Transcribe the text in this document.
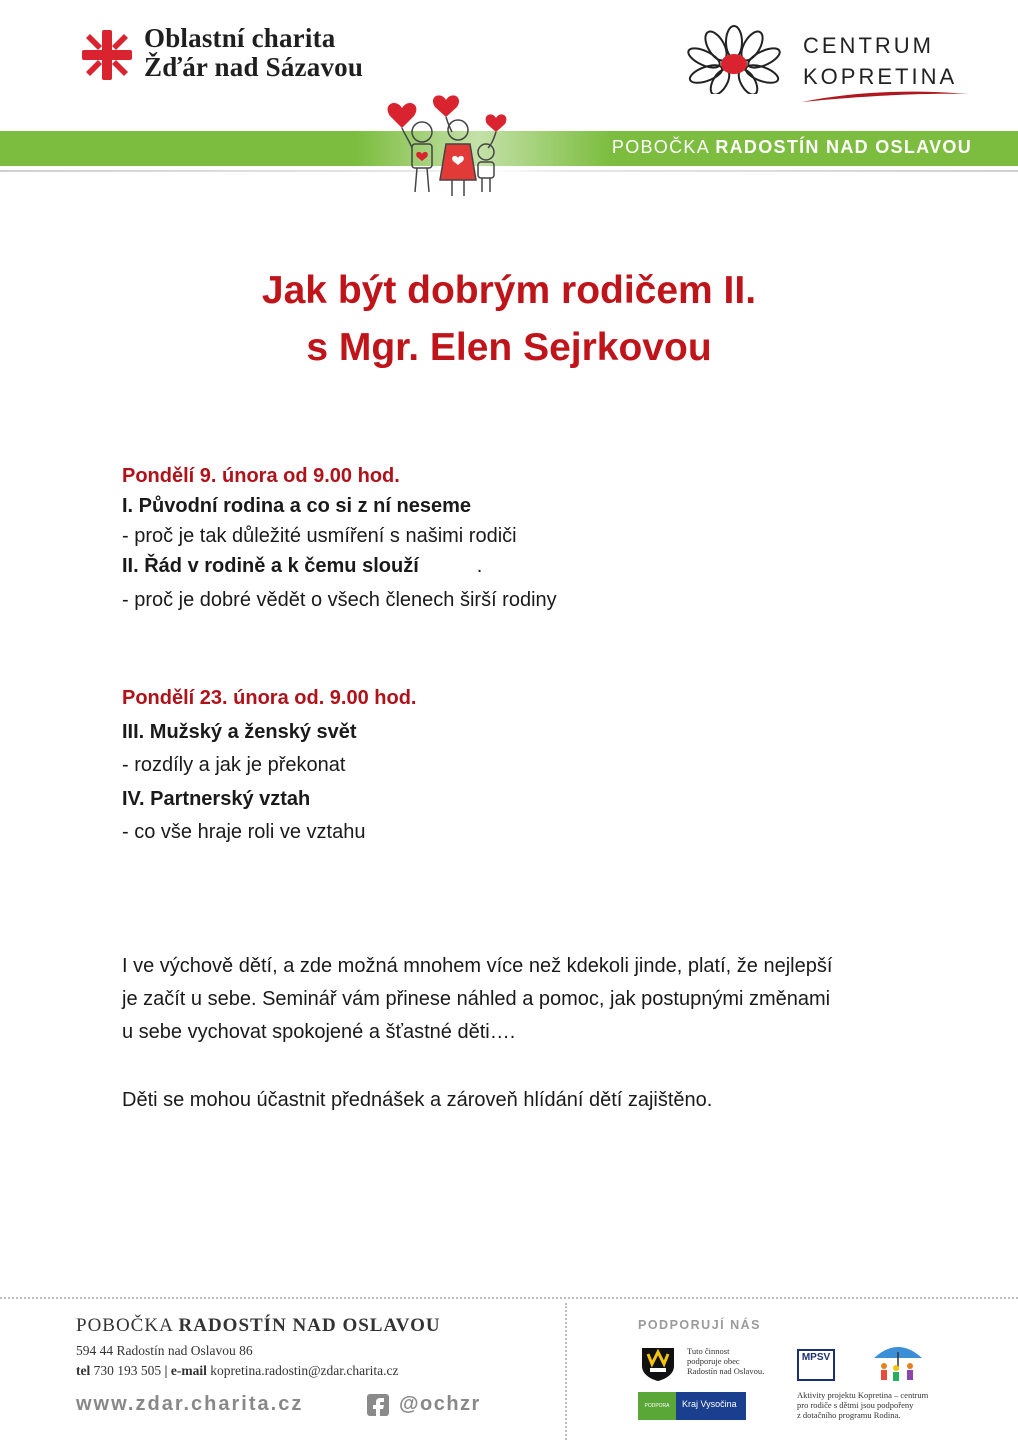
Oblastní charita
Žďár nad Sázavou
CENTRUM
KOPRETINA
POBOČKA RADOSTÍN NAD OSLAVOU
Jak být dobrým rodičem II.
s Mgr. Elen Sejrkovou
Pondělí 9. února od 9.00 hod.
I. Původní rodina a co si z ní neseme
- proč je tak důležité usmíření s našimi rodiči
II. Řád v rodině a k čemu slouží	.
- proč je dobré vědět o všech členech širší rodiny
Pondělí 23. února od. 9.00 hod.
III. Mužský a ženský svět
- rozdíly a jak je překonat
IV. Partnerský vztah
- co vše hraje roli ve vztahu
I ve výchově dětí, a zde možná mnohem více než kdekoli jinde, platí, že nejlepší
je začít u sebe. Seminář vám přinese náhled a pomoc, jak postupnými změnami
u sebe vychovat spokojené a šťastné děti….
Děti se mohou účastnit přednášek a zároveň hlídání dětí zajištěno.
POBOČKA RADOSTÍN NAD OSLAVOU
594 44 Radostín nad Oslavou 86
tel 730 193 505 | e-mail kopretina.radostin@zdar.charita.cz
www.zdar.charita.cz	@ochzr
PODPORUJÍ NÁS
Tuto činnost
podporuje obec
Radostín nad Oslavou.
PODPORA	Kraj Vysočina
MPSV
Aktivity projektu Kopretina – centrum
pro rodiče s dětmi jsou podpořeny
z dotačního programu Rodina.
